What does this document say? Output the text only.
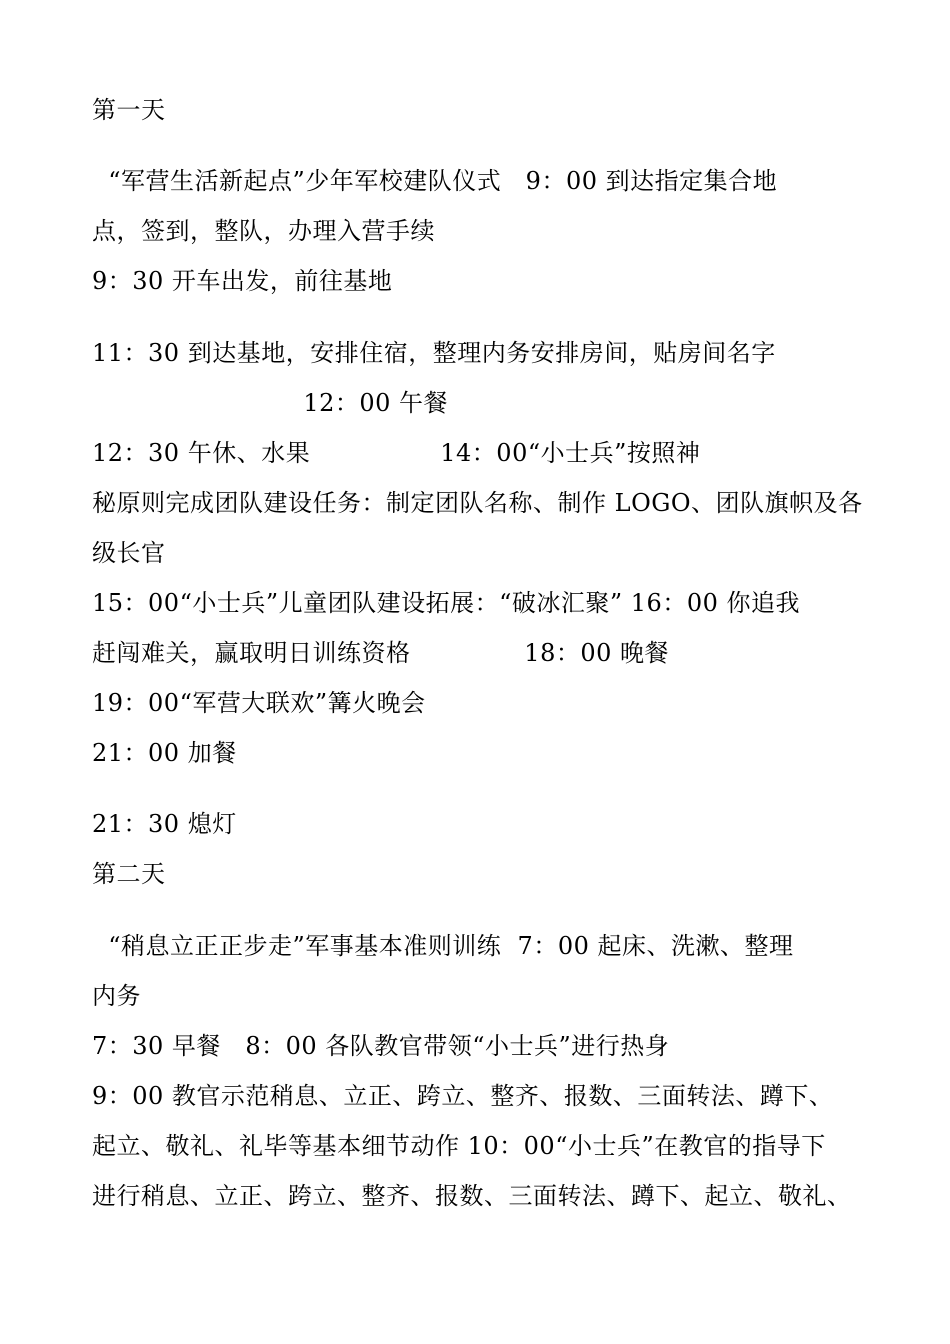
第一天
“军营生活新起点”少年军校建队仪式   9：00 到达指定集合地
点，签到，整队，办理入营手续
9：30 开车出发，前往基地
11：30 到达基地，安排住宿，整理内务安排房间，贴房间名字
12：00 午餐
12：30 午休、水果                14：00“小士兵”按照神
秘原则完成团队建设任务：制定团队名称、制作 LOGO、团队旗帜及各
级长官
15：00“小士兵”儿童团队建设拓展：“破冰汇聚” 16：00 你追我
赶闯难关，赢取明日训练资格              18：00 晚餐
19：00“军营大联欢”篝火晚会
21：00 加餐
21：30 熄灯
第二天
“稍息立正正步走”军事基本准则训练  7：00 起床、洗漱、整理
内务
7：30 早餐   8：00 各队教官带领“小士兵”进行热身
9：00 教官示范稍息、立正、跨立、整齐、报数、三面转法、蹲下、
起立、敬礼、礼毕等基本细节动作 10：00“小士兵”在教官的指导下
进行稍息、立正、跨立、整齐、报数、三面转法、蹲下、起立、敬礼、
